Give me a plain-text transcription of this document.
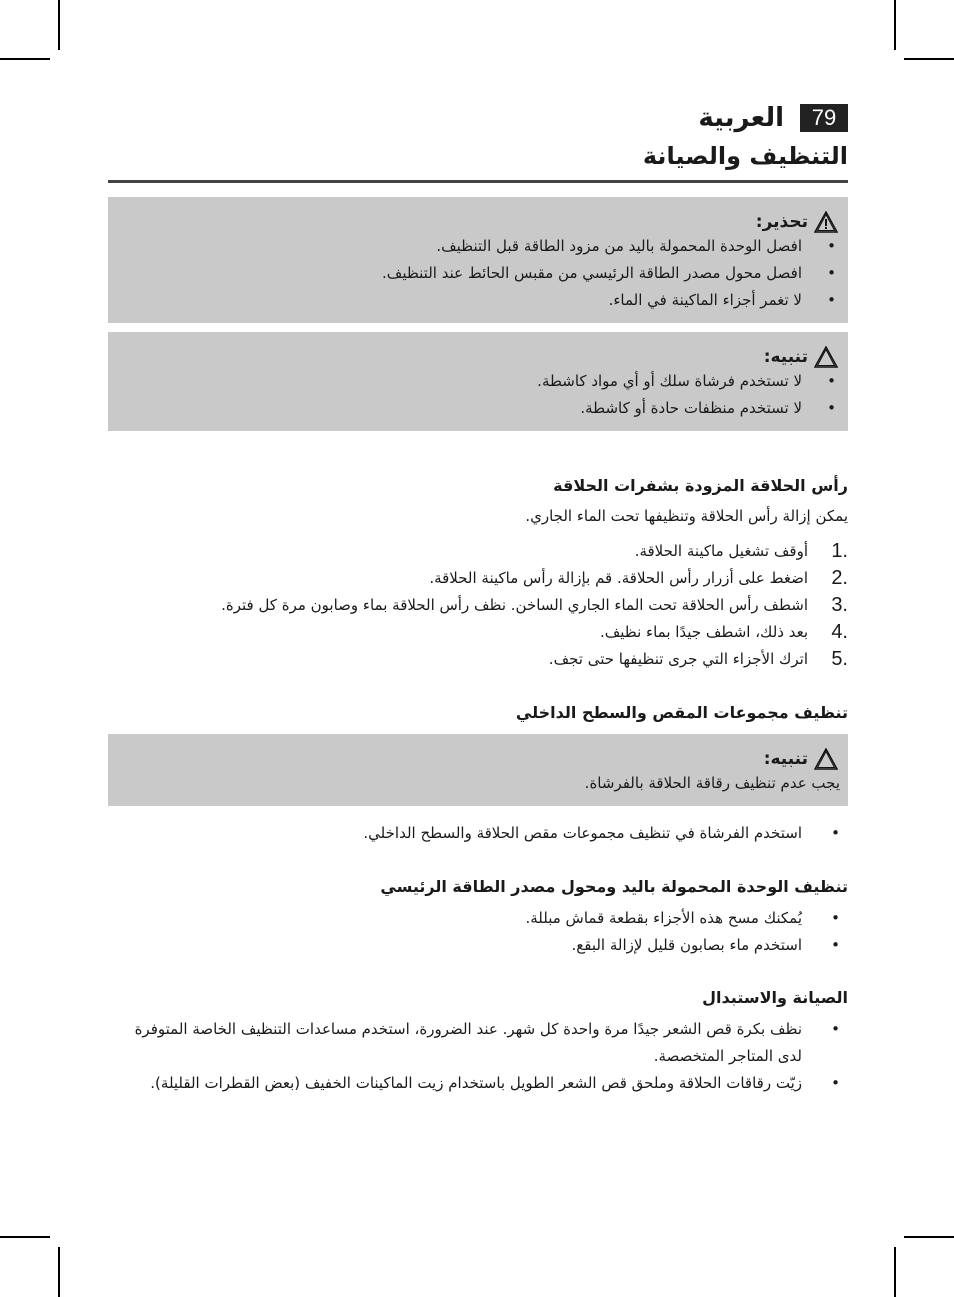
79
العربية
التنظيف والصيانة
تحذير:
• افصل الوحدة المحمولة باليد من مزود الطاقة قبل التنظيف.
• افصل محول مصدر الطاقة الرئيسي من مقبس الحائط عند التنظيف.
• لا تغمر أجزاء الماكينة في الماء.
تنبيه:
• لا تستخدم فرشاة سلك أو أي مواد كاشطة.
• لا تستخدم منظفات حادة أو كاشطة.
رأس الحلاقة المزودة بشفرات الحلاقة
يمكن إزالة رأس الحلاقة وتنظيفها تحت الماء الجاري.
1.
أوقف تشغيل ماكينة الحلاقة.
2.
اضغط على أزرار رأس الحلاقة. قم بإزالة رأس ماكينة الحلاقة.
3.
اشطف رأس الحلاقة تحت الماء الجاري الساخن. نظف رأس الحلاقة بماء وصابون مرة كل فترة.
4.
بعد ذلك، اشطف جيدًا بماء نظيف.
5.
اترك الأجزاء التي جرى تنظيفها حتى تجف.
تنظيف مجموعات المقص والسطح الداخلي
تنبيه:
يجب عدم تنظيف رقاقة الحلاقة بالفرشاة.
• استخدم الفرشاة في تنظيف مجموعات مقص الحلاقة والسطح الداخلي.
تنظيف الوحدة المحمولة باليد ومحول مصدر الطاقة الرئيسي
• يُمكنك مسح هذه الأجزاء بقطعة قماش مبللة.
• استخدم ماء بصابون قليل لإزالة البقع.
الصيانة والاستبدال
• نظف بكرة قص الشعر جيدًا مرة واحدة كل شهر. عند الضرورة، استخدم مساعدات التنظيف الخاصة المتوفرة لدى المتاجر المتخصصة.
• زيّت رقاقات الحلاقة وملحق قص الشعر الطويل باستخدام زيت الماكينات الخفيف (بعض القطرات القليلة).
